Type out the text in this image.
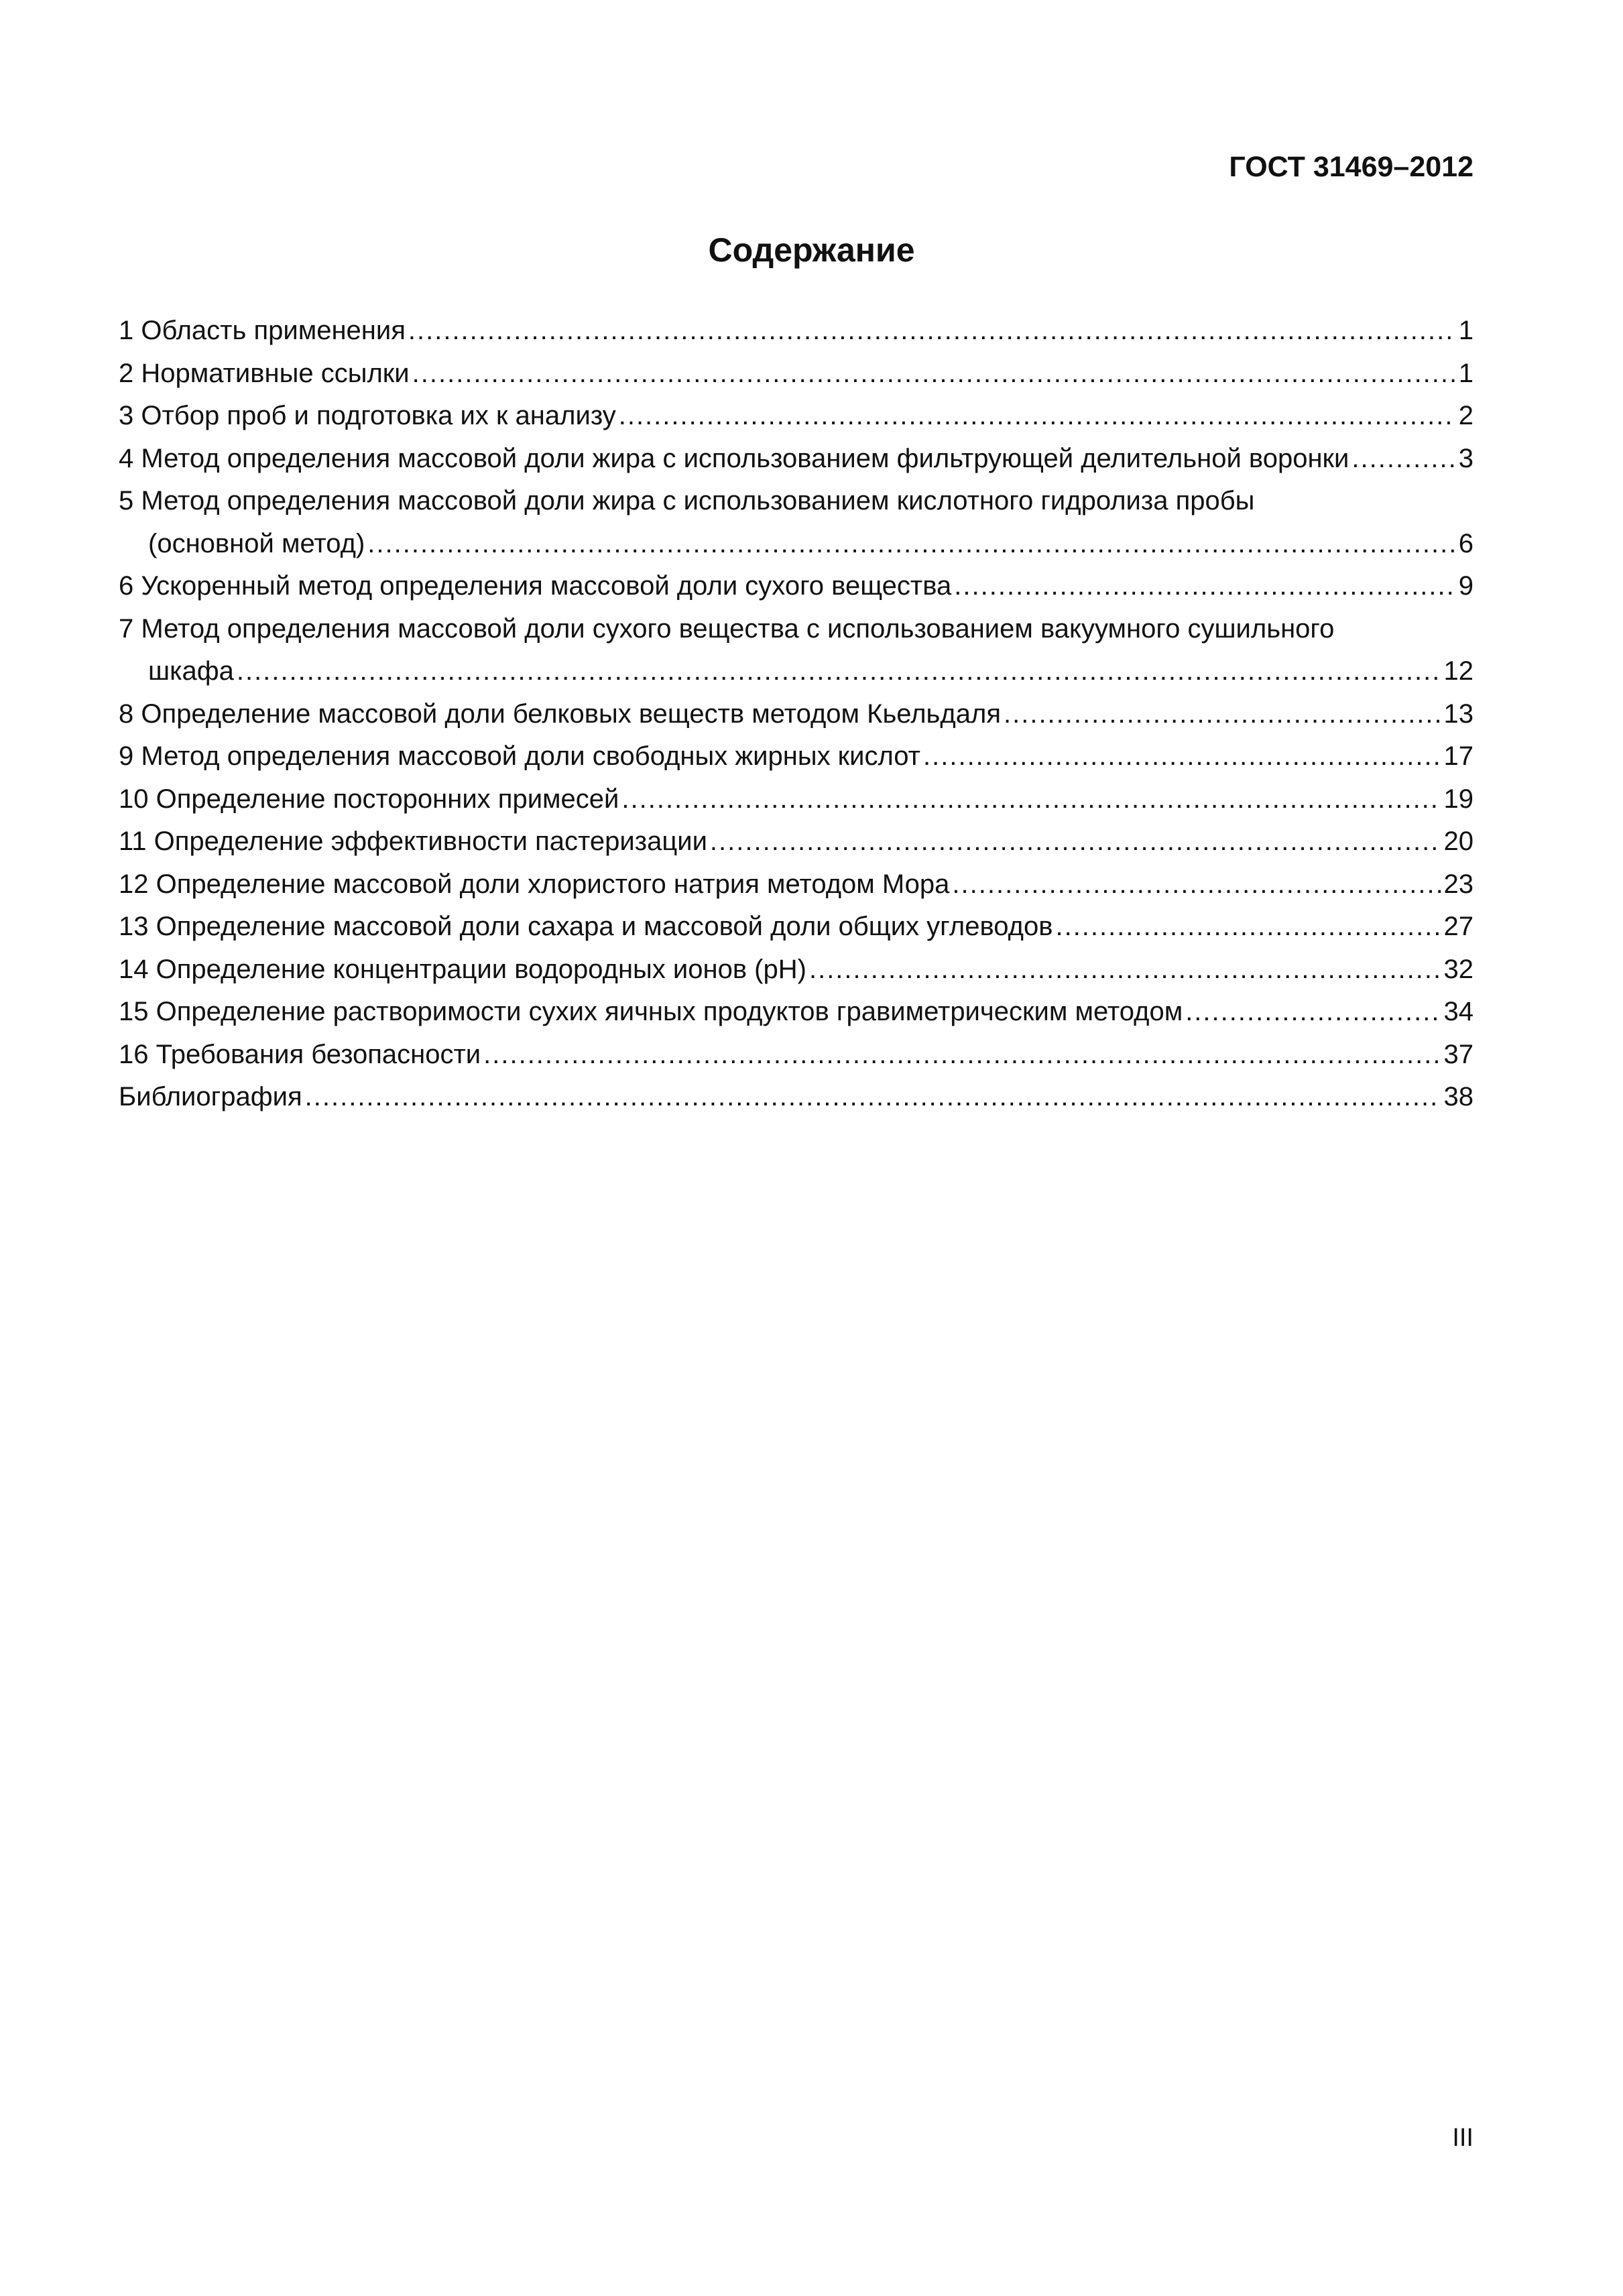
ГОСТ 31469–2012
Содержание
1 Область применения .....	1
2 Нормативные ссылки .....	1
3 Отбор проб и подготовка их к анализу .....	2
4 Метод определения массовой доли жира с использованием фильтрующей делительной воронки .....	3
5 Метод определения массовой доли жира с использованием кислотного гидролиза пробы
(основной метод) .....	6
6 Ускоренный метод определения массовой доли сухого вещества .....	9
7 Метод определения массовой доли сухого вещества с использованием вакуумного сушильного
шкафа .....	12
8 Определение массовой доли белковых веществ методом Кьельдаля .....	13
9 Метод определения массовой доли свободных жирных кислот .....	17
10 Определение посторонних примесей .....	19
11 Определение эффективности пастеризации .....	20
12 Определение массовой доли хлористого натрия методом Мора .....	23
13 Определение массовой доли сахара и массовой доли общих углеводов .....	27
14 Определение концентрации водородных ионов (pH) .....	32
15 Определение растворимости сухих яичных продуктов гравиметрическим методом .....	34
16 Требования безопасности .....	37
Библиография .....	38
III
